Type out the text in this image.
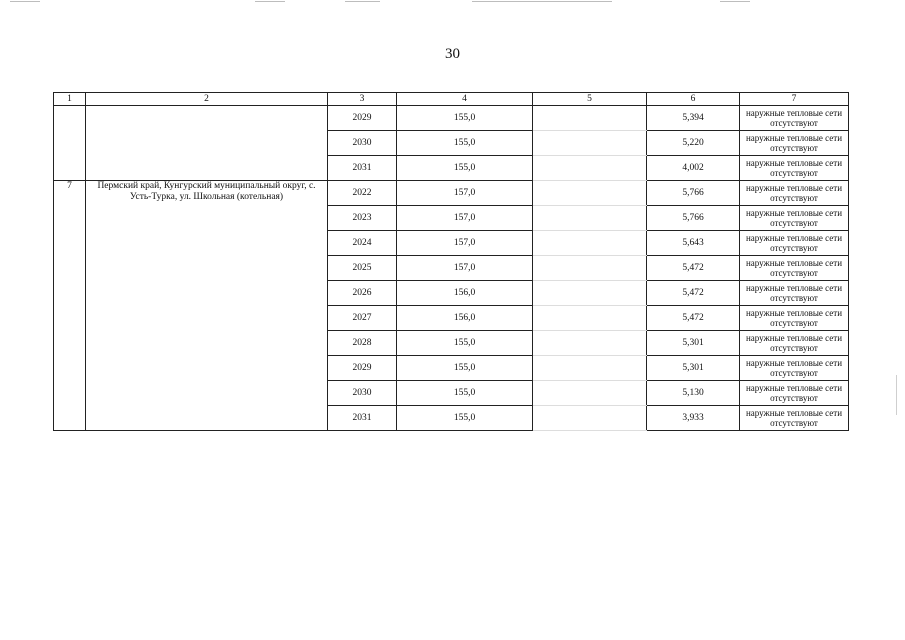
30
1	2	3	4	5	6	7
		2029	155,0		5,394	наружные тепловые сети отсутствуют
		2030	155,0		5,220	наружные тепловые сети отсутствуют
		2031	155,0		4,002	наружные тепловые сети отсутствуют
7	Пермский край, Кунгурский муниципальный округ, с. Усть-Турка, ул. Школьная (котельная)	2022	157,0		5,766	наружные тепловые сети отсутствуют
		2023	157,0		5,766	наружные тепловые сети отсутствуют
		2024	157,0		5,643	наружные тепловые сети отсутствуют
		2025	157,0		5,472	наружные тепловые сети отсутствуют
		2026	156,0		5,472	наружные тепловые сети отсутствуют
		2027	156,0		5,472	наружные тепловые сети отсутствуют
		2028	155,0		5,301	наружные тепловые сети отсутствуют
		2029	155,0		5,301	наружные тепловые сети отсутствуют
		2030	155,0		5,130	наружные тепловые сети отсутствуют
		2031	155,0		3,933	наружные тепловые сети отсутствуют
